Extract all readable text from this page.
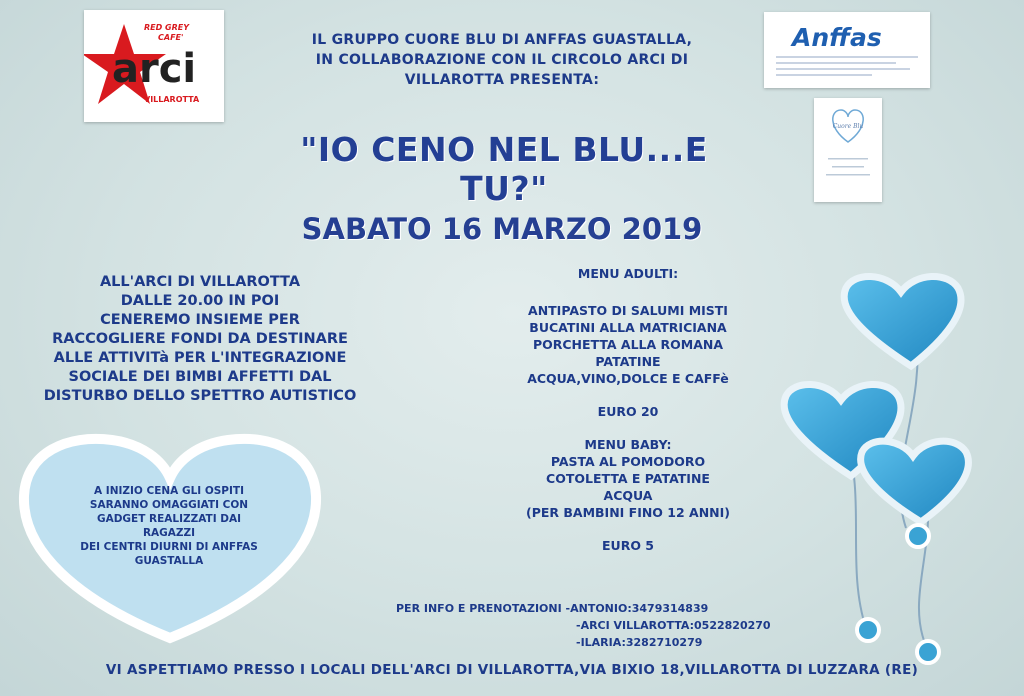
RED GREY
CAFE'
arci
VILLAROTTA
Anffas
Cuore Blu
IL GRUPPO CUORE BLU DI ANFFAS GUASTALLA,
IN COLLABORAZIONE CON IL CIRCOLO ARCI DI
VILLAROTTA PRESENTA:
"IO CENO NEL BLU...E TU?"
SABATO 16 MARZO 2019
ALL'ARCI DI VILLAROTTA
DALLE 20.00 IN POI
CENEREMO INSIEME PER
RACCOGLIERE FONDI DA DESTINARE
ALLE ATTIVITà PER L'INTEGRAZIONE
SOCIALE DEI BIMBI AFFETTI DAL
DISTURBO DELLO SPETTRO AUTISTICO
A INIZIO CENA GLI OSPITI
SARANNO OMAGGIATI CON
GADGET REALIZZATI DAI RAGAZZI
DEI CENTRI DIURNI DI ANFFAS
GUASTALLA
MENU ADULTI:
ANTIPASTO DI SALUMI MISTI
BUCATINI ALLA MATRICIANA
PORCHETTA ALLA ROMANA
PATATINE
ACQUA,VINO,DOLCE E CAFFè
EURO 20
MENU BABY:
PASTA AL POMODORO
COTOLETTA E PATATINE
ACQUA
(PER BAMBINI FINO 12 ANNI)
EURO 5
PER INFO E PRENOTAZIONI -ANTONIO:3479314839
-ARCI VILLAROTTA:0522820270
-ILARIA:3282710279
VI ASPETTIAMO PRESSO I LOCALI DELL'ARCI DI VILLAROTTA,VIA BIXIO 18,VILLAROTTA DI LUZZARA (RE)
